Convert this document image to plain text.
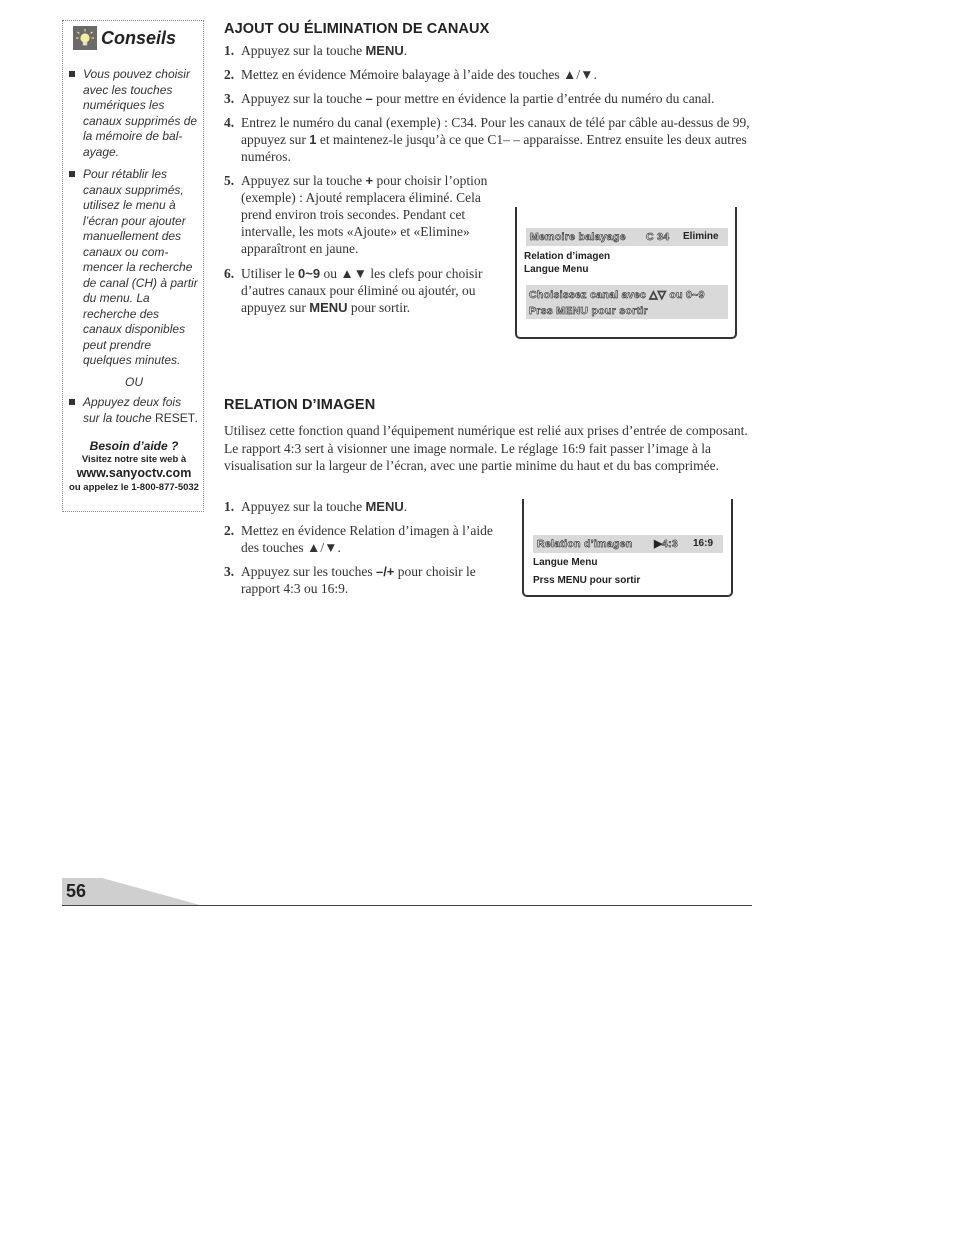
Conseils
Vous pouvez choisir avec les touches numériques les canaux supprimés de la mémoire de bal-ayage.
Pour rétablir les canaux supprimés, utilisez le menu à l’écran pour ajouter manuellement des canaux ou com-mencer la recherche de canal (CH) à partir du menu. La recherche des canaux disponibles peut prendre quelques minutes.
OU
Appuyez deux fois sur la touche RESET.
Besoin d’aide ?
Visitez notre site web à
www.sanyoctv.com
ou appelez le 1-800-877-5032
AJOUT OU ÉLIMINATION DE CANAUX
1. Appuyez sur la touche MENU.
2. Mettez en évidence Mémoire balayage à l’aide des touches ▲/▼.
3. Appuyez sur la touche – pour mettre en évidence la partie d’entrée du numéro du canal.
4. Entrez le numéro du canal (exemple) : C34. Pour les canaux de télé par câble au-dessus de 99, appuyez sur 1 et maintenez-le jusqu’à ce que C1– – apparaisse. Entrez ensuite les deux autres numéros.
5. Appuyez sur la touche + pour choisir l’option (exemple) : Ajouté remplacera éliminé. Cela prend environ trois secondes. Pendant cet intervalle, les mots «Ajoute» et «Elimine» apparaîtront en jaune.
6. Utiliser le 0~9 ou ▲▼ les clefs pour choisir d’autres canaux pour éliminé ou ajoutér, ou appuyez sur MENU pour sortir.
Memoire balayage C 34 Elimine
Relation d’imagen
Langue Menu
Choisissez canal avec △▽ ou 0~9
Prss MENU pour sortir
RELATION D’IMAGEN
Utilisez cette fonction quand l’équipement numérique est relié aux prises d’entrée de composant. Le rapport 4:3 sert à visionner une image normale. Le réglage 16:9 fait passer l’image à la visualisation sur la largeur de l’écran, avec une partie minime du haut et du bas comprimée.
1. Appuyez sur la touche MENU.
2. Mettez en évidence Relation d’imagen à l’aide des touches ▲/▼.
3. Appuyez sur les touches –/+ pour choisir le rapport 4:3 ou 16:9.
Relation d’imagen ▶ 4:3 16:9
Langue Menu
Prss MENU pour sortir
56
